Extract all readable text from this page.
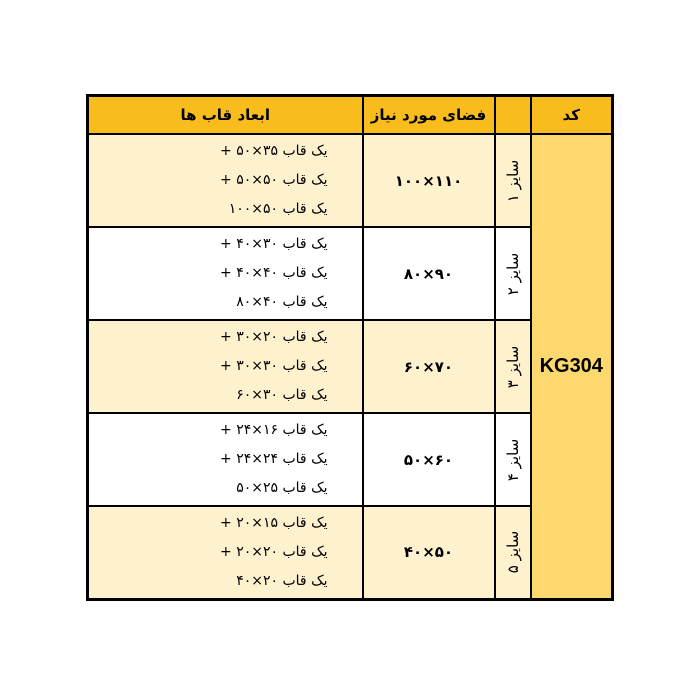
کد		فضای مورد نیاز	ابعاد قاب ها
KG304	سایز ۱	۱۰۰×۱۱۰	یک قاب ۳۵×۵۰ +
یک قاب ۵۰×۵۰ +
یک قاب ۵۰×۱۰۰

	سایز ۲	۸۰×۹۰	یک قاب ۳۰×۴۰ +
یک قاب ۴۰×۴۰ +
یک قاب ۴۰×۸۰

	سایز ۳	۶۰×۷۰	یک قاب ۲۰×۳۰ +
یک قاب ۳۰×۳۰ +
یک قاب ۳۰×۶۰

	سایز ۴	۵۰×۶۰	یک قاب ۱۶×۲۴ +
یک قاب ۲۴×۲۴ +
یک قاب ۲۵×۵۰

	سایز ۵	۴۰×۵۰	یک قاب ۱۵×۲۰ +
یک قاب ۲۰×۲۰ +
یک قاب ۲۰×۴۰
